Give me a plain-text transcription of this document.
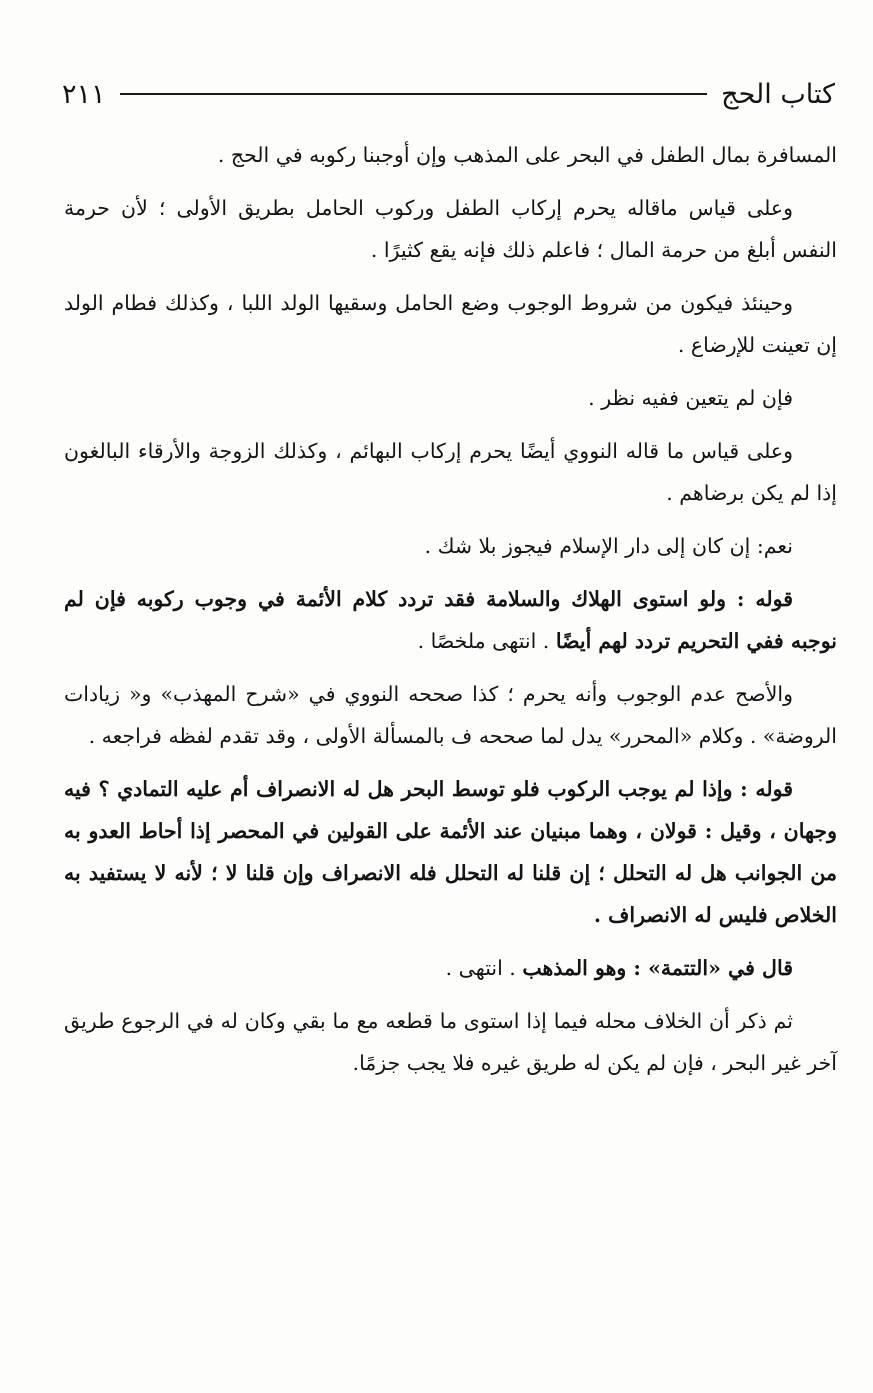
كتاب الحج
٢١١

المسافرة بمال الطفل في البحر على المذهب وإن أوجبنا ركوبه في الحج .

وعلى قياس ماقاله يحرم إركاب الطفل وركوب الحامل بطريق الأولى ؛ لأن حرمة النفس أبلغ من حرمة المال ؛ فاعلم ذلك فإنه يقع كثيرًا .

وحينئذ فيكون من شروط الوجوب وضع الحامل وسقيها الولد اللبا ، وكذلك فطام الولد إن تعينت للإرضاع .

فإن لم يتعين ففيه نظر .

وعلى قياس ما قاله النووي أيضًا يحرم إركاب البهائم ، وكذلك الزوجة والأرقاء البالغون إذا لم يكن برضاهم .

نعم: إن كان إلى دار الإسلام فيجوز بلا شك .

قوله : ولو استوى الهلاك والسلامة فقد تردد كلام الأئمة في وجوب ركوبه فإن لم نوجبه ففي التحريم تردد لهم أيضًا . انتهى ملخصًا .

والأصح عدم الوجوب وأنه يحرم ؛ كذا صححه النووي في «شرح المهذب» و« زيادات الروضة» . وكلام «المحرر» يدل لما صححه ف بالمسألة الأولى ، وقد تقدم لفظه فراجعه .

قوله : وإذا لم يوجب الركوب فلو توسط البحر هل له الانصراف أم عليه التمادي ؟ فيه وجهان ، وقيل : قولان ، وهما مبنيان عند الأئمة على القولين في المحصر إذا أحاط العدو به من الجوانب هل له التحلل ؛ إن قلنا له التحلل فله الانصراف وإن قلنا لا ؛ لأنه لا يستفيد به الخلاص فليس له الانصراف .

قال في «التتمة» : وهو المذهب . انتهى .

ثم ذكر أن الخلاف محله فيما إذا استوى ما قطعه مع ما بقي وكان له في الرجوع طريق آخر غير البحر ، فإن لم يكن له طريق غيره فلا يجب جزمًا.
